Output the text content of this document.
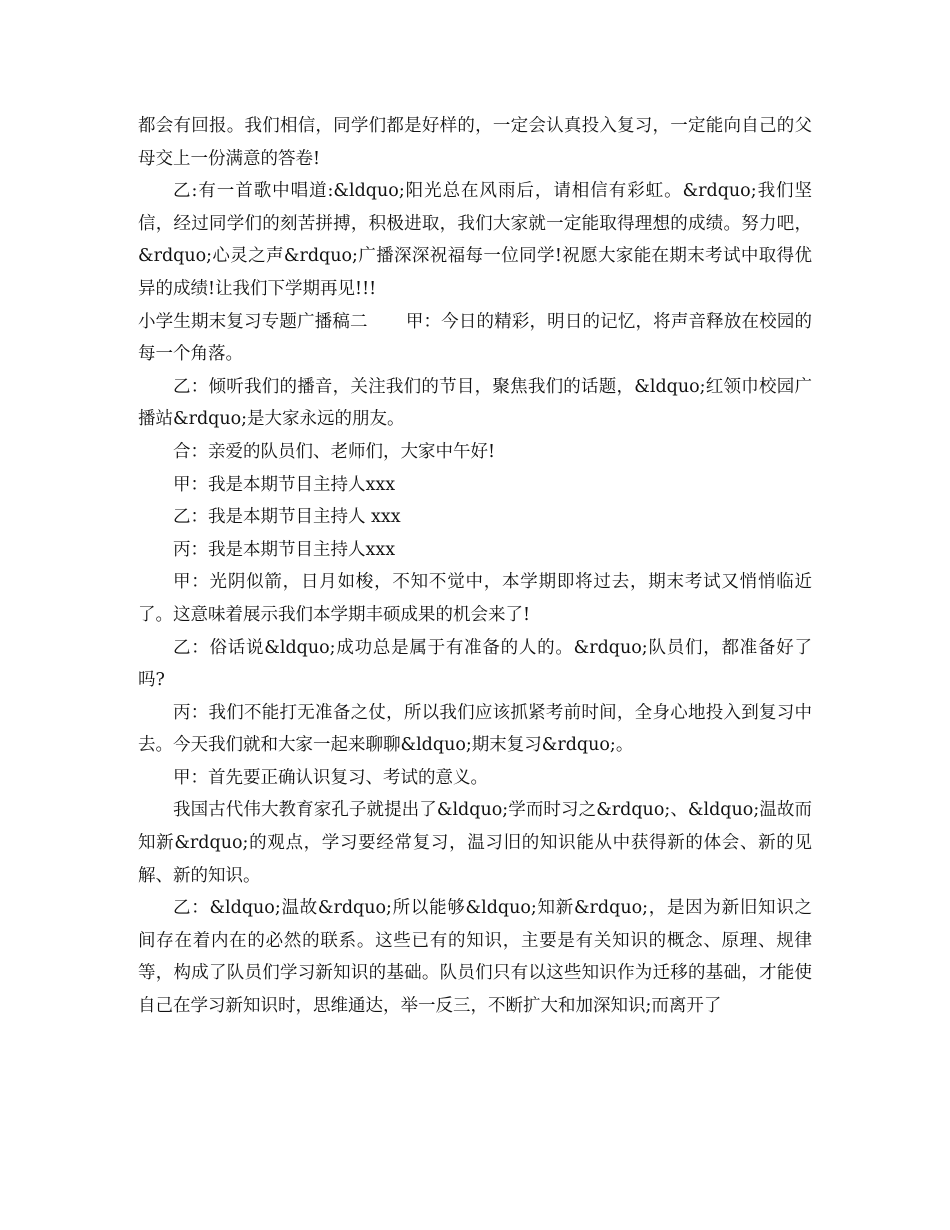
都会有回报。我们相信，同学们都是好样的，一定会认真投入复习，一定能向自己的父母交上一份满意的答卷!

乙:有一首歌中唱道:&ldquo;阳光总在风雨后，请相信有彩虹。&rdquo;我们坚信，经过同学们的刻苦拼搏，积极进取，我们大家就一定能取得理想的成绩。努力吧，&rdquo;心灵之声&rdquo;广播深深祝福每一位同学!祝愿大家能在期末考试中取得优异的成绩!让我们下学期再见!!!

小学生期末复习专题广播稿二 甲：今日的精彩，明日的记忆，将声音释放在校园的每一个角落。

乙：倾听我们的播音，关注我们的节目，聚焦我们的话题，&ldquo;红领巾校园广播站&rdquo;是大家永远的朋友。

合：亲爱的队员们、老师们，大家中午好!

甲：我是本期节目主持人xxx

乙：我是本期节目主持人 xxx

丙：我是本期节目主持人xxx

甲：光阴似箭，日月如梭，不知不觉中，本学期即将过去，期末考试又悄悄临近了。这意味着展示我们本学期丰硕成果的机会来了!

乙：俗话说&ldquo;成功总是属于有准备的人的。&rdquo;队员们，都准备好了吗?

丙：我们不能打无准备之仗，所以我们应该抓紧考前时间，全身心地投入到复习中去。今天我们就和大家一起来聊聊&ldquo;期末复习&rdquo;。

甲：首先要正确认识复习、考试的意义。

我国古代伟大教育家孔子就提出了&ldquo;学而时习之&rdquo;、&ldquo;温故而知新&rdquo;的观点，学习要经常复习，温习旧的知识能从中获得新的体会、新的见解、新的知识。

乙：&ldquo;温故&rdquo;所以能够&ldquo;知新&rdquo;，是因为新旧知识之间存在着内在的必然的联系。这些已有的知识，主要是有关知识的概念、原理、规律等，构成了队员们学习新知识的基础。队员们只有以这些知识作为迁移的基础，才能使自己在学习新知识时，思维通达，举一反三，不断扩大和加深知识;而离开了
